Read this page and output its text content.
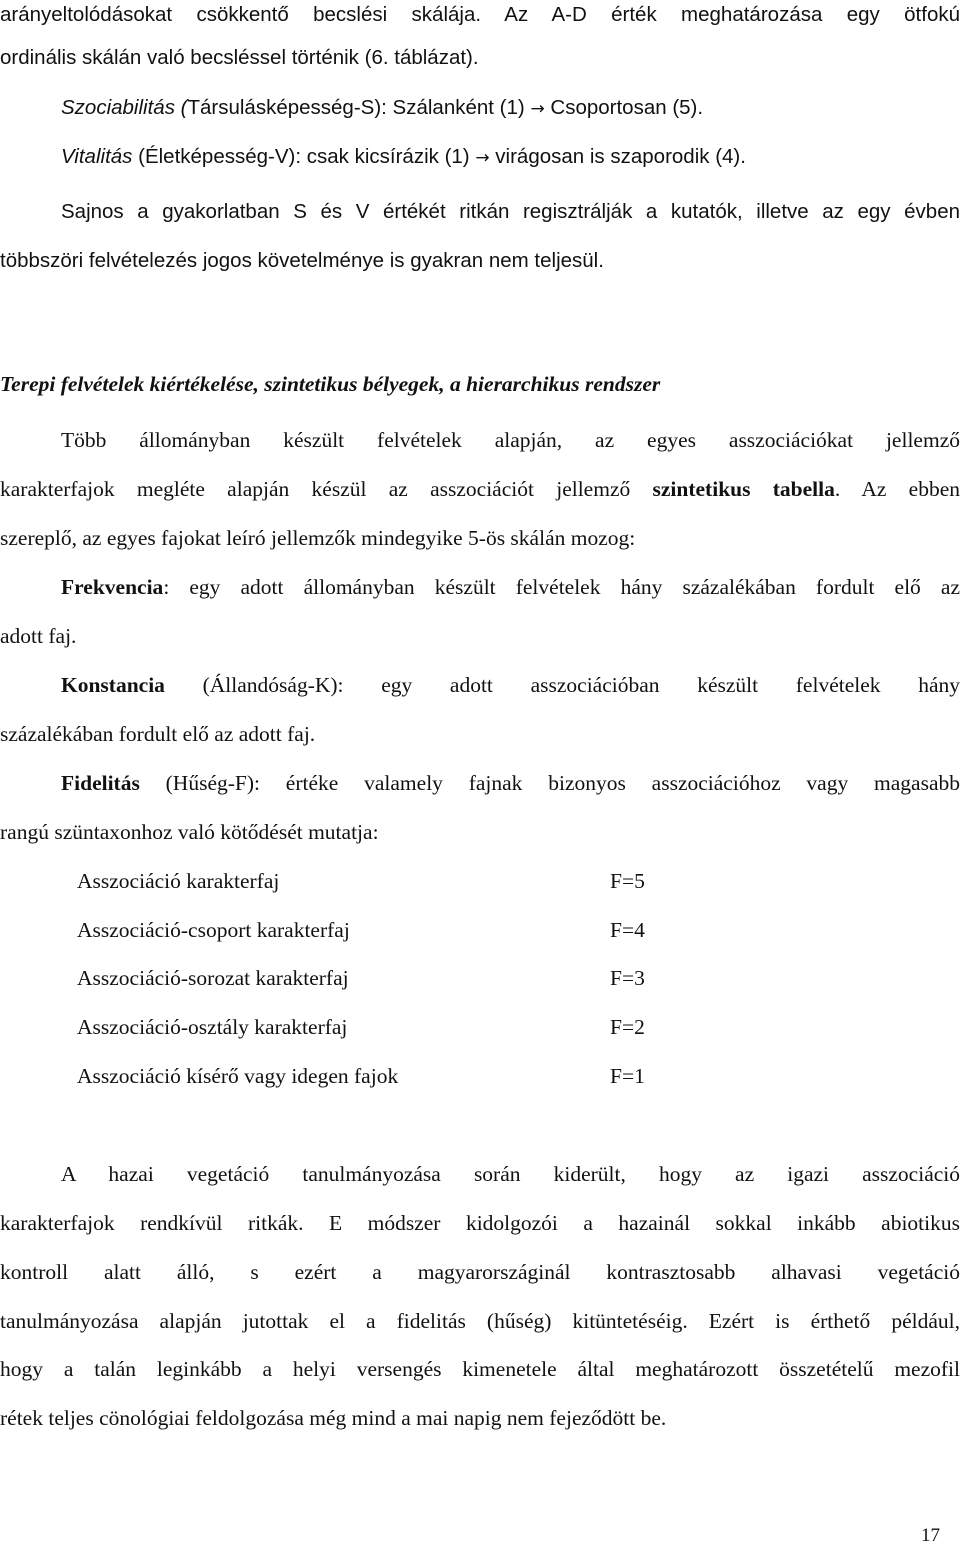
arányeltolódásokat csökkentő becslési skálája. Az A-D érték meghatározása egy ötfokú
ordinális skálán való becsléssel történik (6. táblázat).
Szociabilitás (Társulásképesség-S): Szálanként (1) → Csoportosan (5).
Vitalitás (Életképesség-V): csak kicsírázik (1) → virágosan is szaporodik (4).
Sajnos a gyakorlatban S és V értékét ritkán regisztrálják a kutatók, illetve az egy évben
többszöri felvételezés jogos követelménye is gyakran nem teljesül.
Terepi felvételek kiértékelése, szintetikus bélyegek, a hierarchikus rendszer
Több állományban készült felvételek alapján, az egyes asszociációkat jellemző
karakterfajok megléte alapján készül az asszociációt jellemző szintetikus tabella. Az ebben
szereplő, az egyes fajokat leíró jellemzők mindegyike 5-ös skálán mozog:
Frekvencia: egy adott állományban készült felvételek hány százalékában fordult elő az
adott faj.
Konstancia (Állandóság-K): egy adott asszociációban készült felvételek hány
százalékában fordult elő az adott faj.
Fidelitás (Hűség-F): értéke valamely fajnak bizonyos asszociációhoz vagy magasabb
rangú szüntaxonhoz való kötődését mutatja:
Asszociáció karakterfaj	F=5
Asszociáció-csoport karakterfaj	F=4
Asszociáció-sorozat karakterfaj	F=3
Asszociáció-osztály karakterfaj	F=2
Asszociáció kísérő vagy idegen fajok	F=1
A hazai vegetáció tanulmányozása során kiderült, hogy az igazi asszociáció
karakterfajok rendkívül ritkák. E módszer kidolgozói a hazainál sokkal inkább abiotikus
kontroll alatt álló, s ezért a magyarországinál kontrasztosabb alhavasi vegetáció
tanulmányozása alapján jutottak el a fidelitás (hűség) kitüntetéséig. Ezért is érthető például,
hogy a talán leginkább a helyi versengés kimenetele által meghatározott összetételű mezofil
rétek teljes cönológiai feldolgozása még mind a mai napig nem fejeződött be.
17
